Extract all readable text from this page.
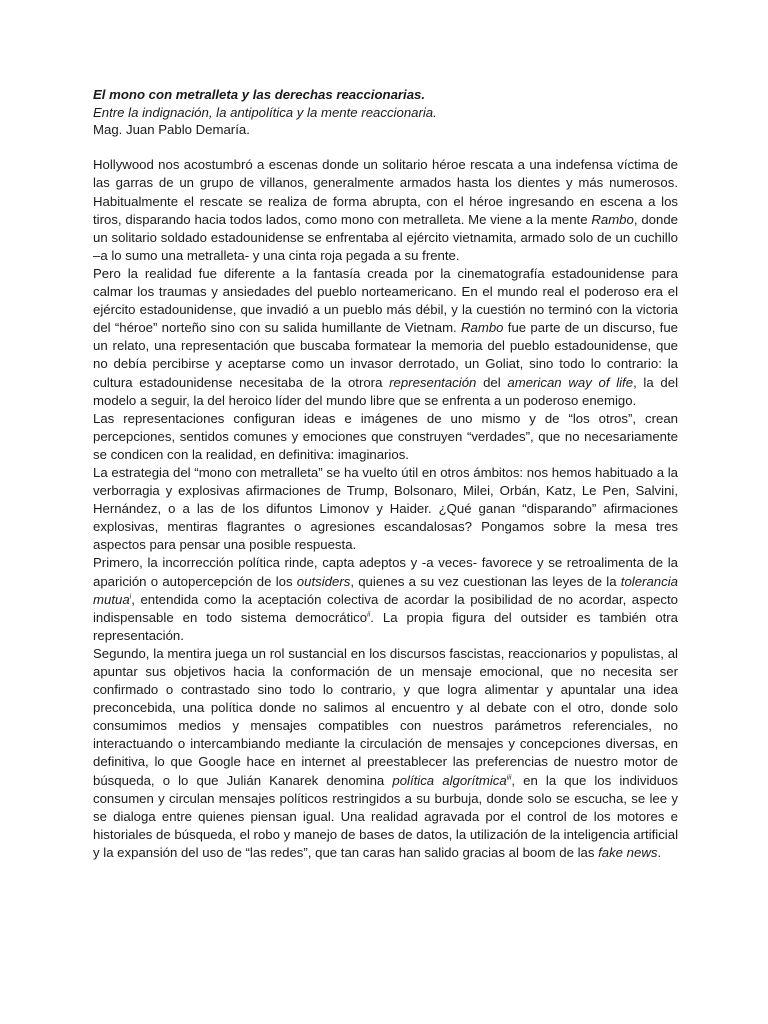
El mono con metralleta y las derechas reaccionarias.
Entre la indignación, la antipolítica y la mente reaccionaria.
Mag. Juan Pablo Demaría.

Hollywood nos acostumbró a escenas donde un solitario héroe rescata a una indefensa víctima de las garras de un grupo de villanos, generalmente armados hasta los dientes y más numerosos. Habitualmente el rescate se realiza de forma abrupta, con el héroe ingresando en escena a los tiros, disparando hacia todos lados, como mono con metralleta. Me viene a la mente Rambo, donde un solitario soldado estadounidense se enfrentaba al ejército vietnamita, armado solo de un cuchillo –a lo sumo una metralleta- y una cinta roja pegada a su frente.

Pero la realidad fue diferente a la fantasía creada por la cinematografía estadounidense para calmar los traumas y ansiedades del pueblo norteamericano. En el mundo real el poderoso era el ejército estadounidense, que invadió a un pueblo más débil, y la cuestión no terminó con la victoria del “héroe” norteño sino con su salida humillante de Vietnam. Rambo fue parte de un discurso, fue un relato, una representación que buscaba formatear la memoria del pueblo estadounidense, que no debía percibirse y aceptarse como un invasor derrotado, un Goliat, sino todo lo contrario: la cultura estadounidense necesitaba de la otrora representación del american way of life, la del modelo a seguir, la del heroico líder del mundo libre que se enfrenta a un poderoso enemigo.

Las representaciones configuran ideas e imágenes de uno mismo y de “los otros”, crean percepciones, sentidos comunes y emociones que construyen “verdades”, que no necesariamente se condicen con la realidad, en definitiva: imaginarios.

La estrategia del “mono con metralleta” se ha vuelto útil en otros ámbitos: nos hemos habituado a la verborragia y explosivas afirmaciones de Trump, Bolsonaro, Milei, Orbán, Katz, Le Pen, Salvini, Hernández, o a las de los difuntos Limonov y Haider. ¿Qué ganan “disparando” afirmaciones explosivas, mentiras flagrantes o agresiones escandalosas? Pongamos sobre la mesa tres aspectos para pensar una posible respuesta.

Primero, la incorrección política rinde, capta adeptos y -a veces- favorece y se retroalimenta de la aparición o autopercepción de los outsiders, quienes a su vez cuestionan las leyes de la tolerancia mutua$^i$, entendida como la aceptación colectiva de acordar la posibilidad de no acordar, aspecto indispensable en todo sistema democrático$^{ii}$. La propia figura del outsider es también otra representación.

Segundo, la mentira juega un rol sustancial en los discursos fascistas, reaccionarios y populistas, al apuntar sus objetivos hacia la conformación de un mensaje emocional, que no necesita ser confirmado o contrastado sino todo lo contrario, y que logra alimentar y apuntalar una idea preconcebida, una política donde no salimos al encuentro y al debate con el otro, donde solo consumimos medios y mensajes compatibles con nuestros parámetros referenciales, no interactuando o intercambiando mediante la circulación de mensajes y concepciones diversas, en definitiva, lo que Google hace en internet al preestablecer las preferencias de nuestro motor de búsqueda, o lo que Julián Kanarek denomina política algorítmica$^{iii}$, en la que los individuos consumen y circulan mensajes políticos restringidos a su burbuja, donde solo se escucha, se lee y se dialoga entre quienes piensan igual. Una realidad agravada por el control de los motores e historiales de búsqueda, el robo y manejo de bases de datos, la utilización de la inteligencia artificial y la expansión del uso de “las redes”, que tan caras han salido gracias al boom de las fake news.
